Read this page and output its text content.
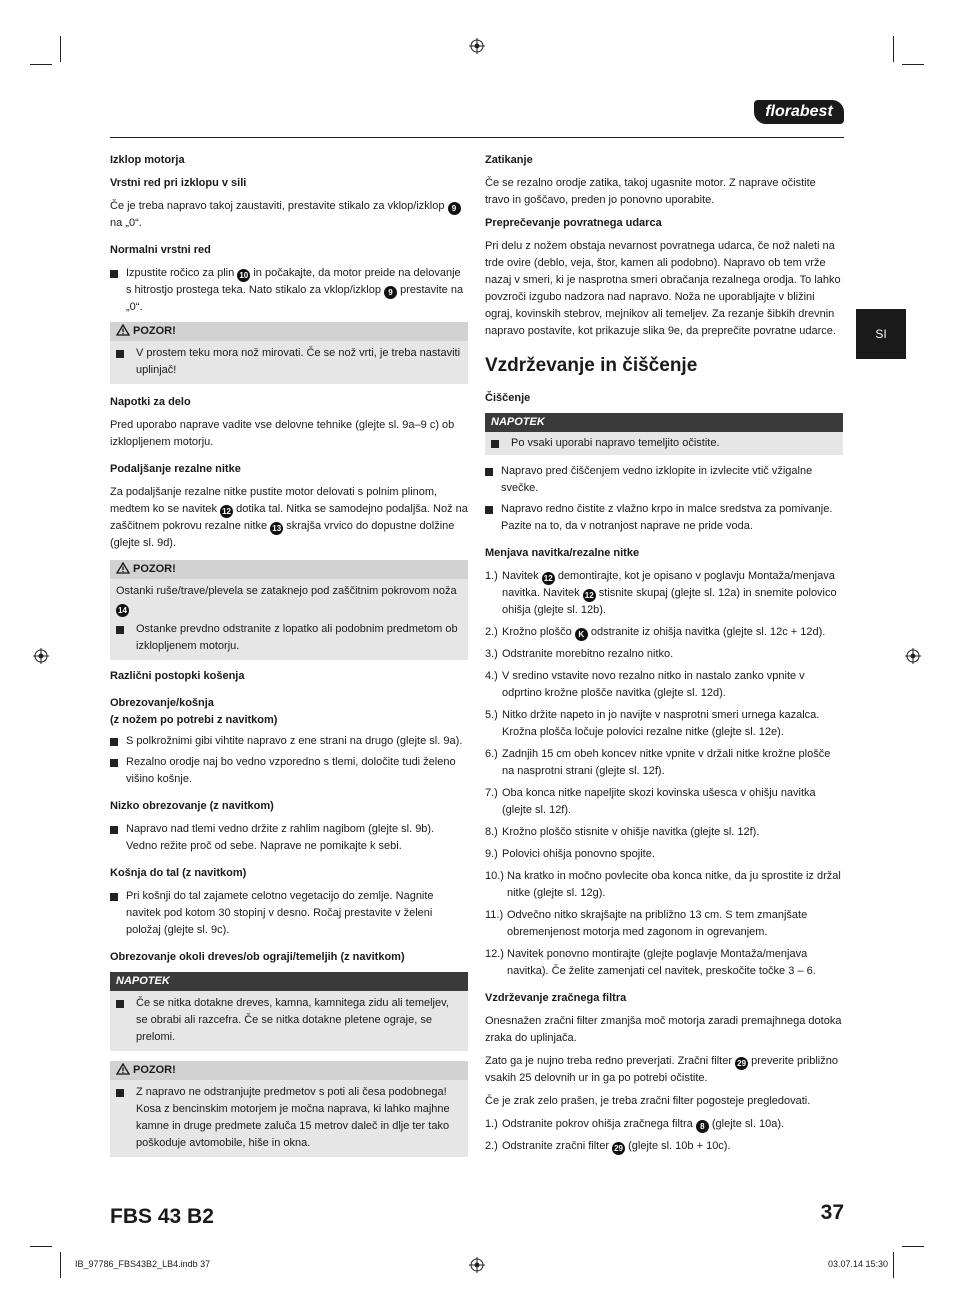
florabest
SI
Izklop motorja
Vrstni red pri izklopu v sili
Če je treba napravo takoj zaustaviti, prestavite stikalo za vklop/izklop 9 na „0“.
Normalni vrstni red
Izpustite ročico za plin 10 in počakajte, da motor preide na delovanje s hitrostjo prostega teka. Nato stikalo za vklop/izklop 9 prestavite na „0“.
POZOR!
V prostem teku mora nož mirovati. Če se nož vrti, je treba nastaviti uplinjač!
Napotki za delo
Pred uporabo naprave vadite vse delovne tehnike (glejte sl. 9a–9 c) ob izklopljenem motorju.
Podaljšanje rezalne nitke
Za podaljšanje rezalne nitke pustite motor delovati s polnim plinom, medtem ko se navitek 12 dotika tal. Nitka se samodejno podaljša. Nož na zaščitnem pokrovu rezalne nitke 13 skrajša vrvico do dopustne dolžine (glejte sl. 9d).
POZOR!
Ostanki ruše/trave/plevela se zataknejo pod zaščitnim pokrovom noža 14
Ostanke prevdno odstranite z lopatko ali podobnim predmetom ob izklopljenem motorju.
Različni postopki košenja
Obrezovanje/košnja
(z nožem po potrebi z navitkom)
S polkrožnimi gibi vihtite napravo z ene strani na drugo (glejte sl. 9a).
Rezalno orodje naj bo vedno vzporedno s tlemi, določite tudi želeno višino košnje.
Nizko obrezovanje (z navitkom)
Napravo nad tlemi vedno držite z rahlim nagibom (glejte sl. 9b). Vedno režite proč od sebe. Naprave ne pomikajte k sebi.
Košnja do tal (z navitkom)
Pri košnji do tal zajamete celotno vegetacijo do zemlje. Nagnite navitek pod kotom 30 stopinj v desno. Ročaj prestavite v želeni položaj (glejte sl. 9c).
Obrezovanje okoli dreves/ob ograji/temeljih (z navitkom)
NAPOTEK
Če se nitka dotakne dreves, kamna, kamnitega zidu ali temeljev, se obrabi ali razcefra. Če se nitka dotakne pletene ograje, se prelomi.
POZOR!
Z napravo ne odstranjujte predmetov s poti ali česa podobnega! Kosa z bencinskim motorjem je močna naprava, ki lahko majhne kamne in druge predmete zaluča 15 metrov daleč in dlje ter tako poškoduje avtomobile, hiše in okna.
Zatikanje
Če se rezalno orodje zatika, takoj ugasnite motor. Z naprave očistite travo in goščavo, preden jo ponovno uporabite.
Preprečevanje povratnega udarca
Pri delu z nožem obstaja nevarnost povratnega udarca, če nož naleti na trde ovire (deblo, veja, štor, kamen ali podobno). Napravo ob tem vrže nazaj v smeri, ki je nasprotna smeri obračanja rezalnega orodja. To lahko povzroči izgubo nadzora nad napravo. Noža ne uporabljajte v bližini ograj, kovinskih stebrov, mejnikov ali temeljev. Za rezanje šibkih drevnin napravo postavite, kot prikazuje slika 9e, da preprečite povratne udarce.
Vzdrževanje in čiščenje
Čiščenje
NAPOTEK
Po vsaki uporabi napravo temeljito očistite.
Napravo pred čiščenjem vedno izklopite in izvlecite vtič vžigalne svečke.
Napravo redno čistite z vlažno krpo in malce sredstva za pomivanje. Pazite na to, da v notranjost naprave ne pride voda.
Menjava navitka/rezalne nitke
1.) Navitek 12 demontirajte, kot je opisano v poglavju Montaža/menjava navitka. Navitek 12 stisnite skupaj (glejte sl. 12a) in snemite polovico ohišja (glejte sl. 12b).
2.) Krožno ploščo K odstranite iz ohišja navitka (glejte sl. 12c + 12d).
3.) Odstranite morebitno rezalno nitko.
4.) V sredino vstavite novo rezalno nitko in nastalo zanko vpnite v odprtino krožne plošče navitka (glejte sl. 12d).
5.) Nitko držite napeto in jo navijte v nasprotni smeri urnega kazalca. Krožna plošča ločuje polovici rezalne nitke (glejte sl. 12e).
6.) Zadnjih 15 cm obeh koncev nitke vpnite v držali nitke krožne plošče na nasprotni strani (glejte sl. 12f).
7.) Oba konca nitke napeljite skozi kovinska ušesca v ohišju navitka (glejte sl. 12f).
8.) Krožno ploščo stisnite v ohišje navitka (glejte sl. 12f).
9.) Polovici ohišja ponovno spojite.
10.) Na kratko in močno povlecite oba konca nitke, da ju sprostite iz držal nitke (glejte sl. 12g).
11.) Odvečno nitko skrajšajte na približno 13 cm. S tem zmanjšate obremenjenost motorja med zagonom in ogrevanjem.
12.) Navitek ponovno montirajte (glejte poglavje Montaža/menjava navitka). Če želite zamenjati cel navitek, preskočite točke 3 – 6.
Vzdrževanje zračnega filtra
Onesnažen zračni filter zmanjša moč motorja zaradi premajhnega dotoka zraka do uplinjača.
Zato ga je nujno treba redno preverjati. Zračni filter 29 preverite približno vsakih 25 delovnih ur in ga po potrebi očistite.
Če je zrak zelo prašen, je treba zračni filter pogosteje pregledovati.
1.) Odstranite pokrov ohišja zračnega filtra 8 (glejte sl. 10a).
2.) Odstranite zračni filter 29 (glejte sl. 10b + 10c).
FBS 43 B2	37
IB_97786_FBS43B2_LB4.indb 37	03.07.14 15:30
